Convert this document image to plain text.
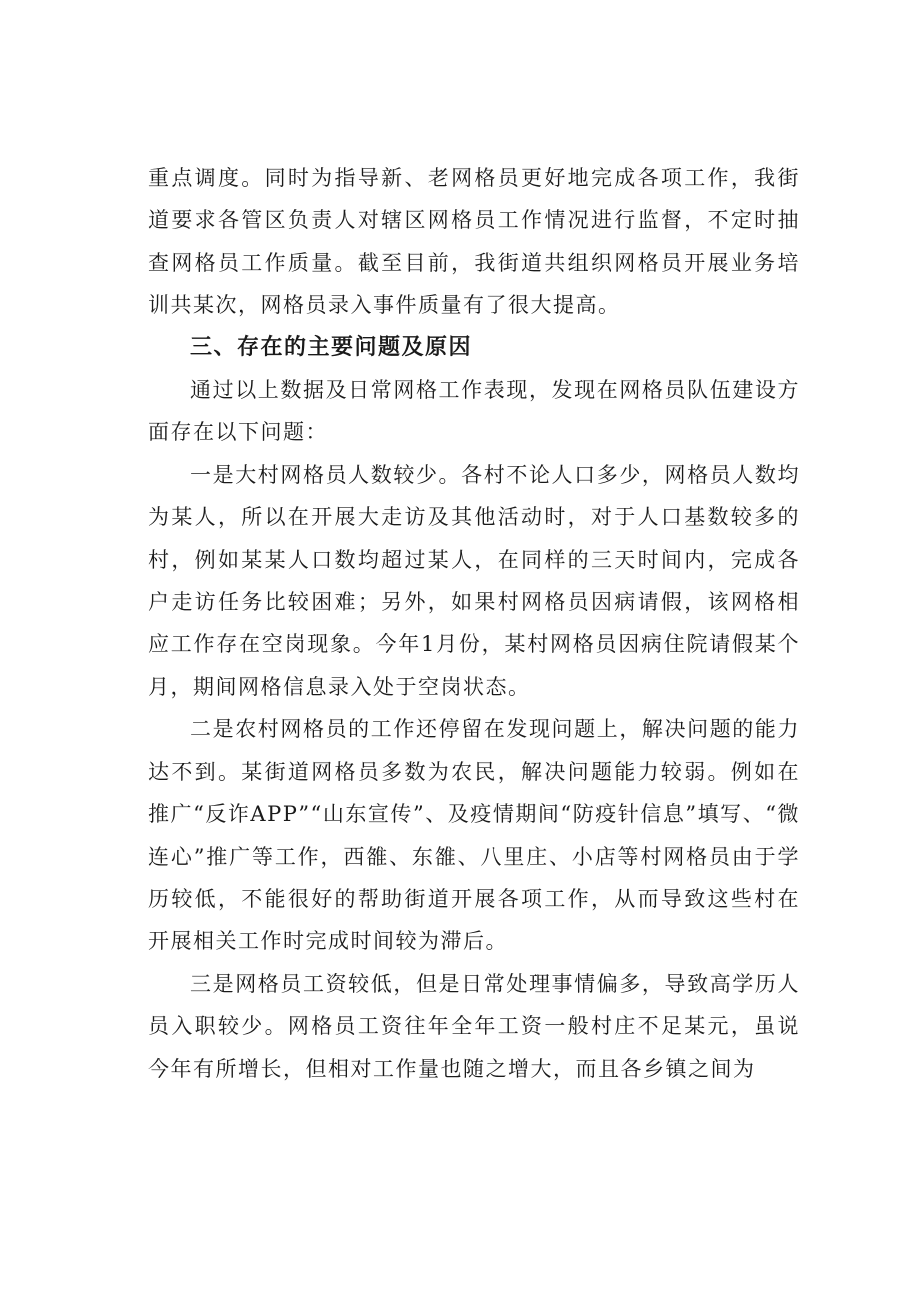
重点调度。同时为指导新、老网格员更好地完成各项工作，我街道要求各管区负责人对辖区网格员工作情况进行监督，不定时抽查网格员工作质量。截至目前，我街道共组织网格员开展业务培训共某次，网格员录入事件质量有了很大提高。

三、存在的主要问题及原因

通过以上数据及日常网格工作表现，发现在网格员队伍建设方面存在以下问题：

一是大村网格员人数较少。各村不论人口多少，网格员人数均为某人，所以在开展大走访及其他活动时，对于人口基数较多的村，例如某某人口数均超过某人，在同样的三天时间内，完成各户走访任务比较困难；另外，如果村网格员因病请假，该网格相应工作存在空岗现象。今年1月份，某村网格员因病住院请假某个月，期间网格信息录入处于空岗状态。

二是农村网格员的工作还停留在发现问题上，解决问题的能力达不到。某街道网格员多数为农民，解决问题能力较弱。例如在推广“反诈APP”“山东宣传”、及疫情期间“防疫针信息”填写、“微连心”推广等工作，西雒、东雒、八里庄、小店等村网格员由于学历较低，不能很好的帮助街道开展各项工作，从而导致这些村在开展相关工作时完成时间较为滞后。

三是网格员工资较低，但是日常处理事情偏多，导致高学历人员入职较少。网格员工资往年全年工资一般村庄不足某元，虽说今年有所增长，但相对工作量也随之增大，而且各乡镇之间为
